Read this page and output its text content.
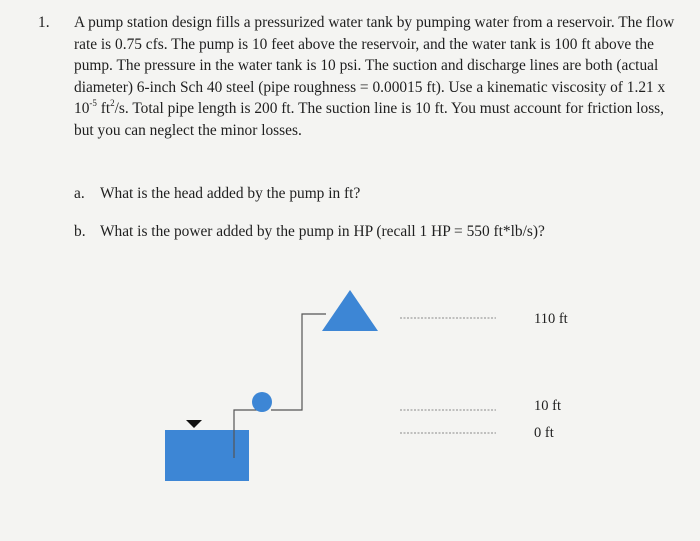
1. A pump station design fills a pressurized water tank by pumping water from a reservoir. The flow rate is 0.75 cfs. The pump is 10 feet above the reservoir, and the water tank is 100 ft above the pump. The pressure in the water tank is 10 psi. The suction and discharge lines are both (actual diameter) 6-inch Sch 40 steel (pipe roughness = 0.00015 ft). Use a kinematic viscosity of 1.21 x $10^{-5}$ $ft^2/s$. Total pipe length is 200 ft. The suction line is 10 ft. You must account for friction loss, but you can neglect the minor losses.
a. What is the head added by the pump in ft?
b. What is the power added by the pump in HP (recall 1 HP = 550 ft*lb/s)?
110 ft
10 ft
0 ft
